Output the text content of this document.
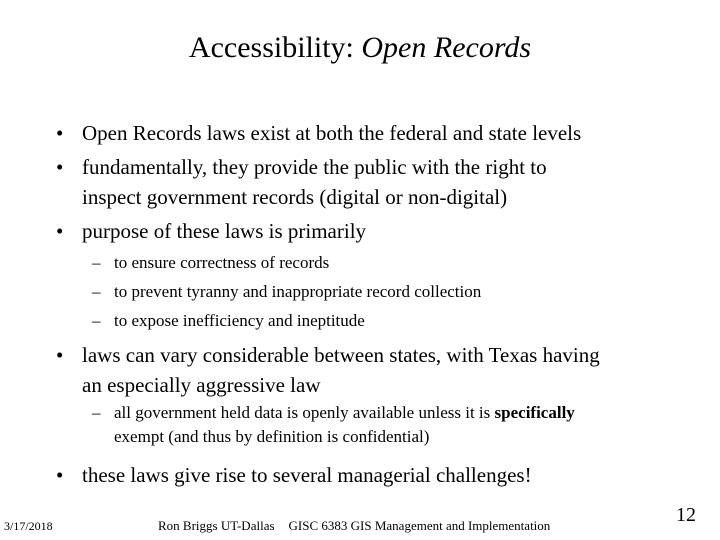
Accessibility: Open Records
• Open Records laws exist at both the federal and state levels
• fundamentally, they provide the public with the right to
inspect government records (digital or non-digital)
• purpose of these laws is primarily
– to ensure correctness of records
– to prevent tyranny and inappropriate record collection
– to expose inefficiency and ineptitude
• laws can vary considerable between states, with Texas having
an especially aggressive law
– all government held data is openly available unless it is specifically
exempt (and thus by definition is confidential)
• these laws give rise to several managerial challenges!
3/17/2018	Ron Briggs UT-Dallas GISC 6383 GIS Management and Implementation	12
